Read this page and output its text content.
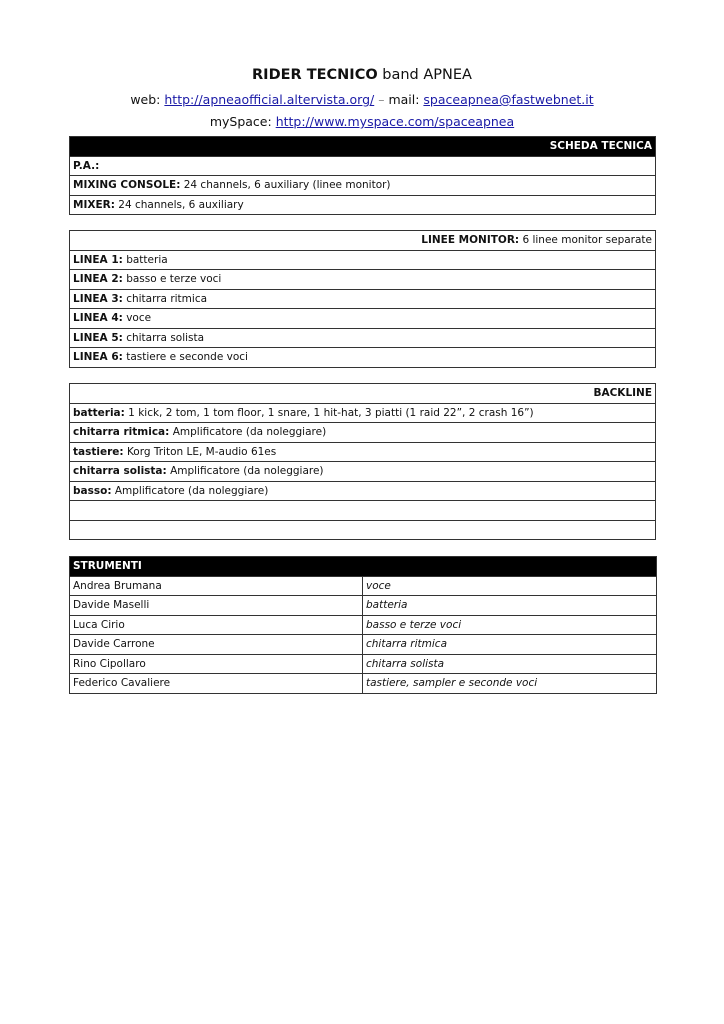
RIDER TECNICO band APNEA
web: http://apneaofficial.altervista.org/ – mail: spaceapnea@fastwebnet.it
mySpace: http://www.myspace.com/spaceapnea
SCHEDA TECNICA
P.A.:
MIXING CONSOLE: 24 channels, 6 auxiliary (linee monitor)
MIXER: 24 channels, 6 auxiliary
LINEE MONITOR: 6 linee monitor separate
LINEA 1: batteria
LINEA 2: basso e terze voci
LINEA 3: chitarra ritmica
LINEA 4: voce
LINEA 5: chitarra solista
LINEA 6: tastiere e seconde voci
BACKLINE
batteria: 1 kick, 2 tom, 1 tom floor, 1 snare, 1 hit-hat, 3 piatti (1 raid 22”, 2 crash 16”)
chitarra ritmica: Amplificatore (da noleggiare)
tastiere: Korg Triton LE, M-audio 61es
chitarra solista: Amplificatore (da noleggiare)
basso: Amplificatore (da noleggiare)

STRUMENTI	
Andrea Brumana	voce
Davide Maselli	batteria
Luca Cirio	basso e terze voci
Davide Carrone	chitarra ritmica
Rino Cipollaro	chitarra solista
Federico Cavaliere	tastiere, sampler e seconde voci
